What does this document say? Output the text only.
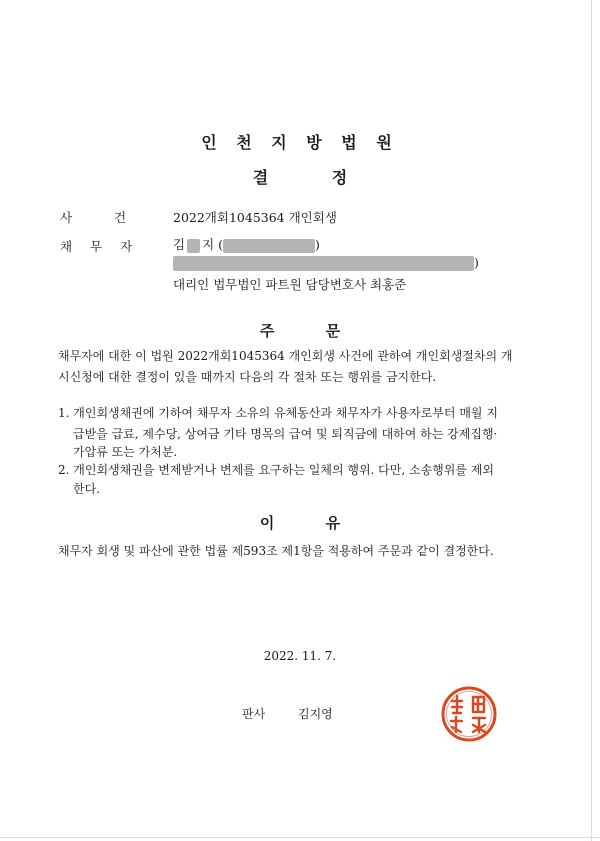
인 천 지 방 법 원
결 정
사 건	2022개회1045364 개인회생
채 무 자	김 지 (	)
)
대리인 법무법인 파트원 담당변호사 최홍준
주 문
채무자에 대한 이 법원 2022개회1045364 개인회생 사건에 관하여 개인회생절차의 개
시신청에 대한 결정이 있을 때까지 다음의 각 절차 또는 행위를 금지한다.
1. 개인회생채권에 기하여 채무자 소유의 유체동산과 채무자가 사용자로부터 매월 지
급받을 급료, 제수당, 상여금 기타 명목의 급여 및 퇴직금에 대하여 하는 강제집행·
가압류 또는 가처분.
2. 개인회생채권을 변제받거나 변제를 요구하는 일체의 행위. 다만, 소송행위를 제외
한다.
이 유
채무자 회생 및 파산에 관한 법률 제593조 제1항을 적용하여 주문과 같이 결정한다.
2022. 11. 7.
판사	김지영
